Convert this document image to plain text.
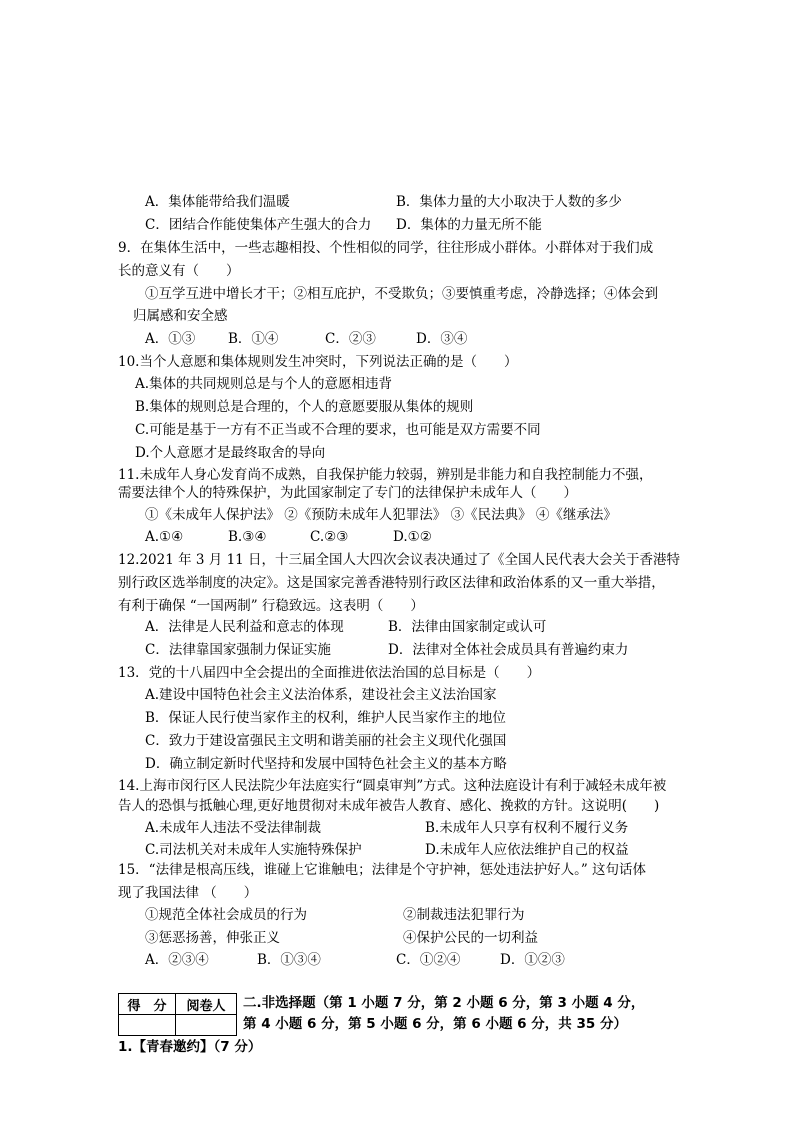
A．集体能带给我们温暖	B．集体力量的大小取决于人数的多少
C．团结合作能使集体产生强大的合力 D．集体的力量无所不能
9．在集体生活中，一些志趣相投、个性相似的同学，往往形成小群体。小群体对于我们成
长的意义有（　　）
①互学互进中增长才干；②相互庇护，不受欺负；③要慎重考虑，冷静选择；④体会到
归属感和安全感
A．①③ B．①④	C．②③	D．③④
10.当个人意愿和集体规则发生冲突时，下列说法正确的是（　　）
A.集体的共同规则总是与个人的意愿相违背
B.集体的规则总是合理的，个人的意愿要服从集体的规则
C.可能是基于一方有不正当或不合理的要求，也可能是双方需要不同
D.个人意愿才是最终取舍的导向
11.未成年人身心发育尚不成熟，自我保护能力较弱，辨别是非能力和自我控制能力不强，
需要法律个人的特殊保护，为此国家制定了专门的法律保护未成年人（　　）
①《未成年人保护法》 ②《预防未成年人犯罪法》 ③《民法典》 ④《继承法》
A.①④	B.③④	C.②③	D.①②
12.2021 年 3 月 11 日，十三届全国人大四次会议表决通过了《全国人民代表大会关于香港特
别行政区选举制度的决定》。这是国家完善香港特别行政区法律和政治体系的又一重大举措，
有利于确保 “一国两制” 行稳致远。这表明（　　）
A．法律是人民利益和意志的体现	B．法律由国家制定或认可
C．法律靠国家强制力保证实施	D．法律对全体社会成员具有普遍约束力
13．党的十八届四中全会提出的全面推进依法治国的总目标是（　　）
A.建设中国特色社会主义法治体系，建设社会主义法治国家
B．保证人民行使当家作主的权利，维护人民当家作主的地位
C．致力于建设富强民主文明和谐美丽的社会主义现代化强国
D．确立制定新时代坚持和发展中国特色社会主义的基本方略
14.上海市闵行区人民法院少年法庭实行“圆桌审判”方式。这种法庭设计有利于减轻未成年被
告人的恐惧与抵触心理,更好地贯彻对未成年被告人教育、感化、挽救的方针。这说明(　　)
A.未成年人违法不受法律制裁	B.未成年人只享有权利不履行义务
C.司法机关对未成年人实施特殊保护	D.未成年人应依法维护自己的权益
15．“法律是根高压线，谁碰上它谁触电；法律是个守护神，惩处违法护好人。” 这句话体
现了我国法律 （　　）
①规范全体社会成员的行为	②制裁违法犯罪行为
③惩恶扬善，伸张正义	④保护公民的一切利益
A．②③④	B．①③④	C．①②④	D．①②③
得　分	阅卷人
	二.非选择题（第 1 小题 7 分，第 2 小题 6 分，第 3 小题 4 分，
第 4 小题 6 分，第 5 小题 6 分，第 6 小题 6 分，共 35 分）
1.【青春邀约】（7 分）
